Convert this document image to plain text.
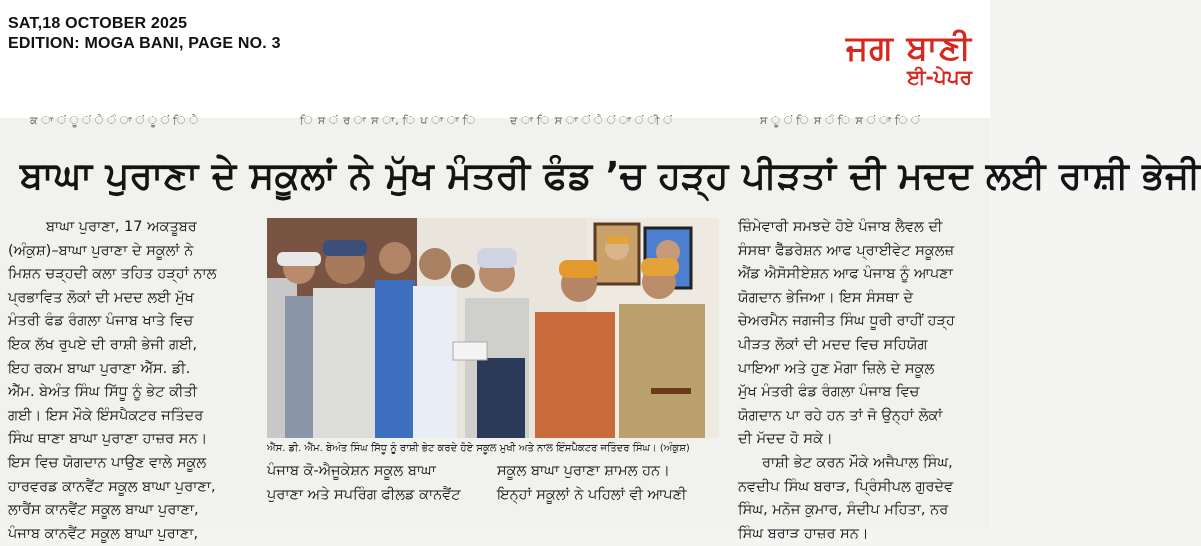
SAT,18 OCTOBER 2025
EDITION: MOGA BANI, PAGE NO. 3	ਜਗ ਬਾਣੀ
ਈ-ਪੇਪਰ
ਕ ਾ ਂ ੂ ਂ ੇ ੰ ਾ ਂ ੂ ਂ ਿ ੇ	ਿ ਸ ਂ ਰ ਾ ਸ ਾ, ਿ ਪ ਾ ਾ ਿ	ਦ ਾ ਿ ਸ ਾ ਂ ੇ ਂ ਾ ਂ ੀ ਂ	ਸ ੂ ਂ ਿ ਸ ੰ ਿ ਸ ਂ ਾ ਿ ਂ
ਬਾਘਾ ਪੁਰਾਣਾ ਦੇ ਸਕੂਲਾਂ ਨੇ ਮੁੱਖ ਮੰਤਰੀ ਫੰਡ ’ਚ ਹੜ੍ਹ ਪੀੜਤਾਂ ਦੀ ਮਦਦ ਲਈ ਰਾਸ਼ੀ ਭੇਜੀ

ਬਾਘਾ ਪੁਰਾਣਾ, 17 ਅਕਤੂਬਰ

(ਅੰਕੁਸ਼)–ਬਾਘਾ ਪੁਰਾਣਾ ਦੇ ਸਕੂਲਾਂ ਨੇ

ਮਿਸ਼ਨ ਚੜ੍ਹਦੀ ਕਲਾ ਤਹਿਤ ਹੜ੍ਹਾਂ ਨਾਲ

ਪ੍ਰਭਾਵਿਤ ਲੋਕਾਂ ਦੀ ਮਦਦ ਲਈ ਮੁੱਖ

ਮੰਤਰੀ ਫੰਡ ਰੰਗਲਾ ਪੰਜਾਬ ਖਾਤੇ ਵਿਚ

ਇਕ ਲੱਖ ਰੁਪਏ ਦੀ ਰਾਸ਼ੀ ਭੇਜੀ ਗਈ,

ਇਹ ਰਕਮ ਬਾਘਾ ਪੁਰਾਣਾ ਐੱਸ. ਡੀ.

ਐੱਮ. ਬੇਅੰਤ ਸਿੰਘ ਸਿੱਧੂ ਨੂੰ ਭੇਟ ਕੀਤੀ

ਗਈ। ਇਸ ਮੌਕੇ ਇੰਸਪੈਕਟਰ ਜਤਿੰਦਰ

ਸਿੰਘ ਥਾਣਾ ਬਾਘਾ ਪੁਰਾਣਾ ਹਾਜ਼ਰ ਸਨ।

ਇਸ ਵਿਚ ਯੋਗਦਾਨ ਪਾਉਣ ਵਾਲੇ ਸਕੂਲ

ਹਾਰਵਰਡ ਕਾਨਵੈਂਟ ਸਕੂਲ ਬਾਘਾ ਪੁਰਾਣਾ,

ਲਾਰੈਂਸ ਕਾਨਵੈਂਟ ਸਕੂਲ ਬਾਘਾ ਪੁਰਾਣਾ,

ਪੰਜਾਬ ਕਾਨਵੈਂਟ ਸਕੂਲ ਬਾਘਾ ਪੁਰਾਣਾ,

ਐੱਸ. ਡੀ. ਐੱਮ. ਬੇਅੰਤ ਸਿੰਘ ਸਿੱਧੂ ਨੂੰ ਰਾਸ਼ੀ ਭੇਟ ਕਰਦੇ ਹੋਏ ਸਕੂਲ ਮੁਖੀ ਅਤੇ ਨਾਲ ਇੰਸਪੈਕਟਰ ਜਤਿੰਦਰ ਸਿੰਘ। (ਅੰਕੁਸ਼)

ਪੰਜਾਬ ਕੋ-ਐਜੂਕੇਸ਼ਨ ਸਕੂਲ ਬਾਘਾ

ਪੁਰਾਣਾ ਅਤੇ ਸਪਰਿੰਗ ਫੀਲਡ ਕਾਨਵੈਂਟ

ਸਕੂਲ ਬਾਘਾ ਪੁਰਾਣਾ ਸ਼ਾਮਲ ਹਨ।

ਇਨ੍ਹਾਂ ਸਕੂਲਾਂ ਨੇ ਪਹਿਲਾਂ ਵੀ ਆਪਣੀ

ਜ਼ਿੰਮੇਵਾਰੀ ਸਮਝਦੇ ਹੋਏ ਪੰਜਾਬ ਲੈਵਲ ਦੀ

ਸੰਸਥਾ ਫੈੱਡਰੇਸ਼ਨ ਆਫ ਪ੍ਰਾਈਵੇਟ ਸਕੂਲਜ਼

ਐਂਡ ਐਸੋਸੀਏਸ਼ਨ ਆਫ ਪੰਜਾਬ ਨੂੰ ਆਪਣਾ

ਯੋਗਦਾਨ ਭੇਜਿਆ। ਇਸ ਸੰਸਥਾ ਦੇ

ਚੇਅਰਮੈਨ ਜਗਜੀਤ ਸਿੰਘ ਧੂਰੀ ਰਾਹੀਂ ਹੜ੍ਹ

ਪੀੜਤ ਲੋਕਾਂ ਦੀ ਮਦਦ ਵਿਚ ਸਹਿਯੋਗ

ਪਾਇਆ ਅਤੇ ਹੁਣ ਮੋਗਾ ਜ਼ਿਲੇ ਦੇ ਸਕੂਲ

ਮੁੱਖ ਮੰਤਰੀ ਫੰਡ ਰੰਗਲਾ ਪੰਜਾਬ ਵਿਚ

ਯੋਗਦਾਨ ਪਾ ਰਹੇ ਹਨ ਤਾਂ ਜੋ ਉਨ੍ਹਾਂ ਲੋਕਾਂ

ਦੀ ਮੱਦਦ ਹੋ ਸਕੇ।

ਰਾਸ਼ੀ ਭੇਟ ਕਰਨ ਮੌਕੇ ਅਜੈਪਾਲ ਸਿੰਘ,

ਨਵਦੀਪ ਸਿੰਘ ਬਰਾੜ, ਪ੍ਰਿੰਸੀਪਲ ਗੁਰਦੇਵ

ਸਿੰਘ, ਮਨੋਜ ਕੁਮਾਰ, ਸੰਦੀਪ ਮਹਿਤਾ, ਨਰ

ਸਿੰਘ ਬਰਾੜ ਹਾਜ਼ਰ ਸਨ।
